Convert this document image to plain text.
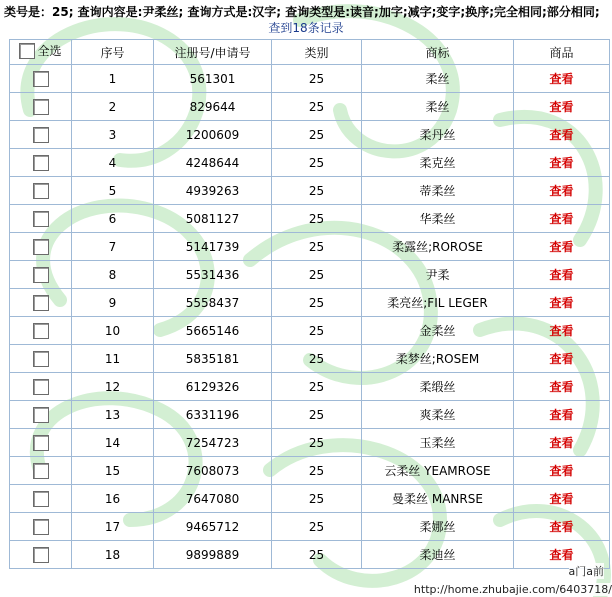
类号是：25; 查询内容是:尹柔丝; 查询方式是:汉字; 查询类型是:读音;加字;减字;变字;换序;完全相同;部分相同;
查到18条记录
全选	序号	注册号/申请号	类别	商标	商品
	1	561301	25	柔丝	查看
	2	829644	25	柔丝	查看
	3	1200609	25	柔丹丝	查看
	4	4248644	25	柔克丝	查看
	5	4939263	25	蒂柔丝	查看
	6	5081127	25	华柔丝	查看
	7	5141739	25	柔露丝;ROROSE	查看
	8	5531436	25	尹柔	查看
	9	5558437	25	柔亮丝;FIL LEGER	查看
	10	5665146	25	金柔丝	查看
	11	5835181	25	柔梦丝;ROSEM	查看
	12	6129326	25	柔缎丝	查看
	13	6331196	25	爽柔丝	查看
	14	7254723	25	玉柔丝	查看
	15	7608073	25	云柔丝 YEAMROSE	查看
	16	7647080	25	曼柔丝 MANRSE	查看
	17	9465712	25	柔娜丝	查看
	18	9899889	25	柔迪丝	查看
http://home.zhubajie.com/6403718/
a门a前
